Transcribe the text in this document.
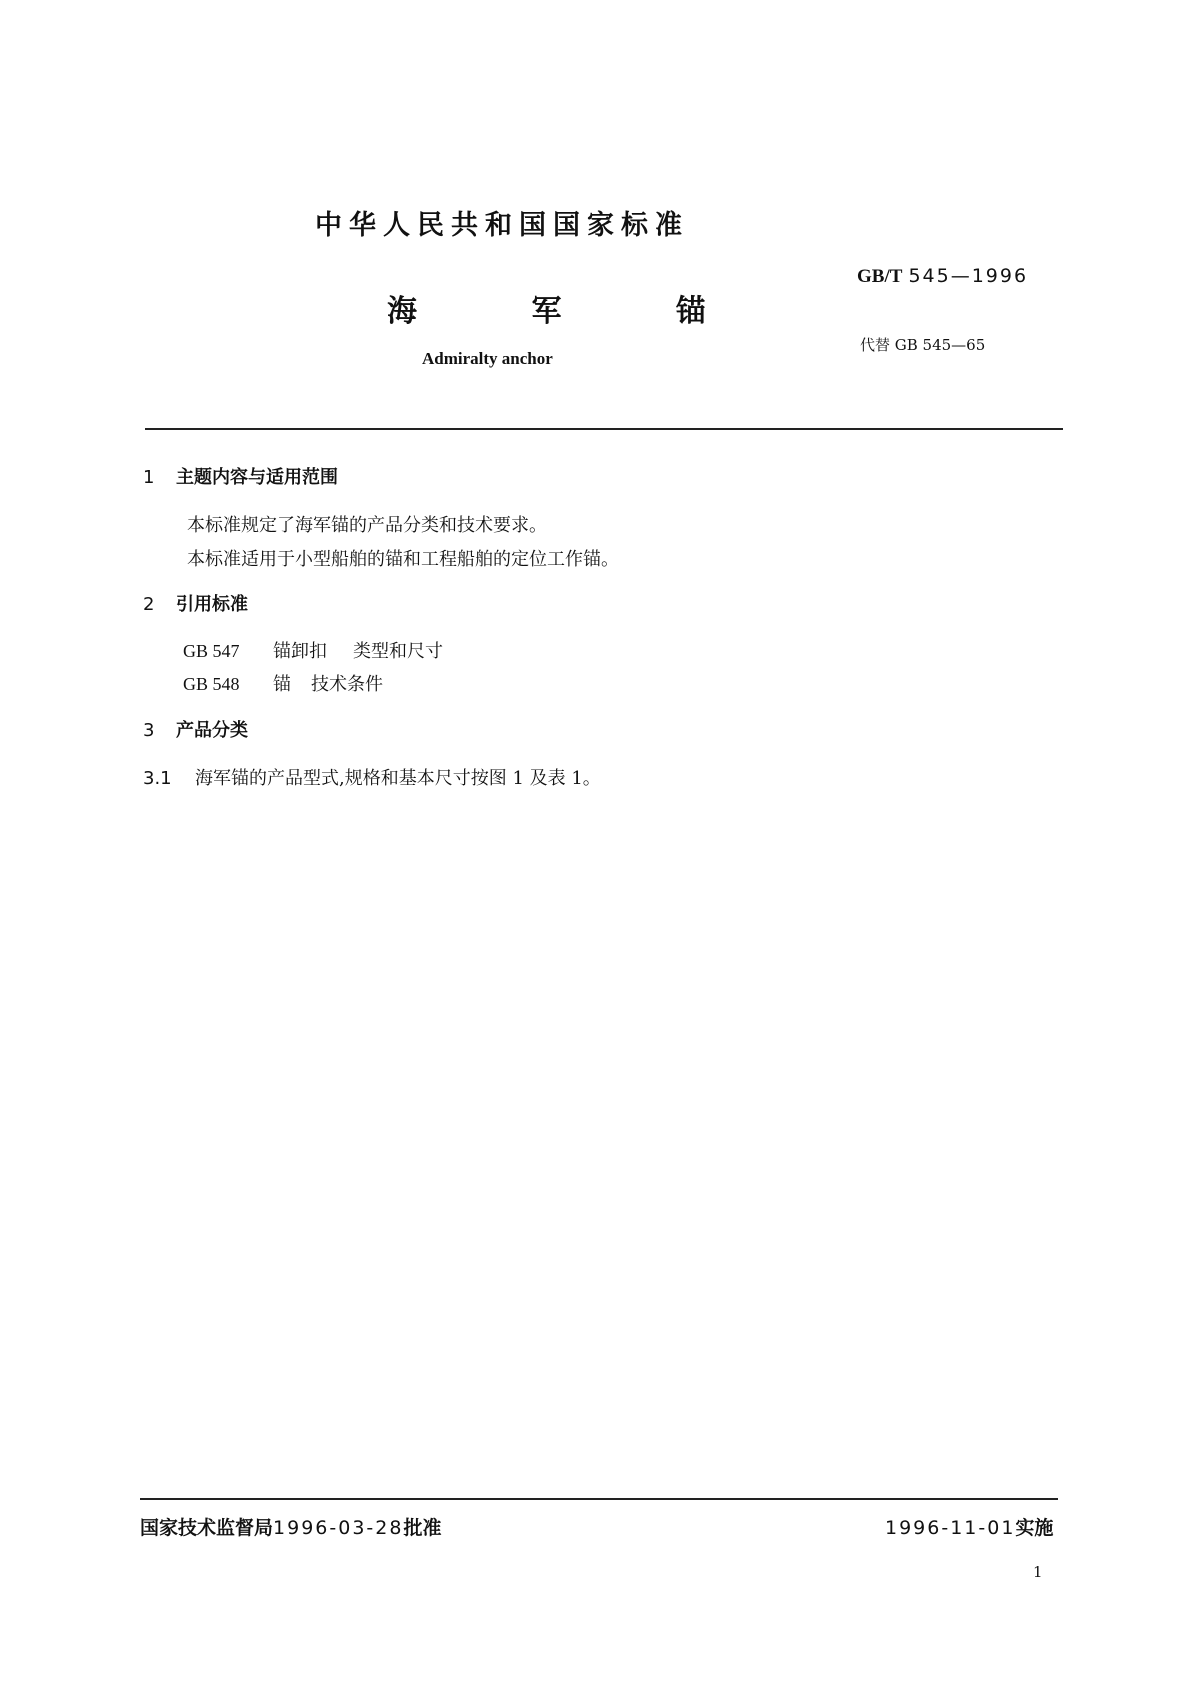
中华人民共和国国家标准
海 军 锚
Admiralty anchor
GB/T 545—1996
代替 GB 545—65
1 主题内容与适用范围
本标准规定了海军锚的产品分类和技术要求。
本标准适用于小型船舶的锚和工程船舶的定位工作锚。
2 引用标准
GB 547 锚卸扣 类型和尺寸
GB 548 锚 技术条件
3 产品分类
3.1 海军锚的产品型式,规格和基本尺寸按图 1 及表 1。
国家技术监督局1996-03-28批准	1996-11-01实施
1
